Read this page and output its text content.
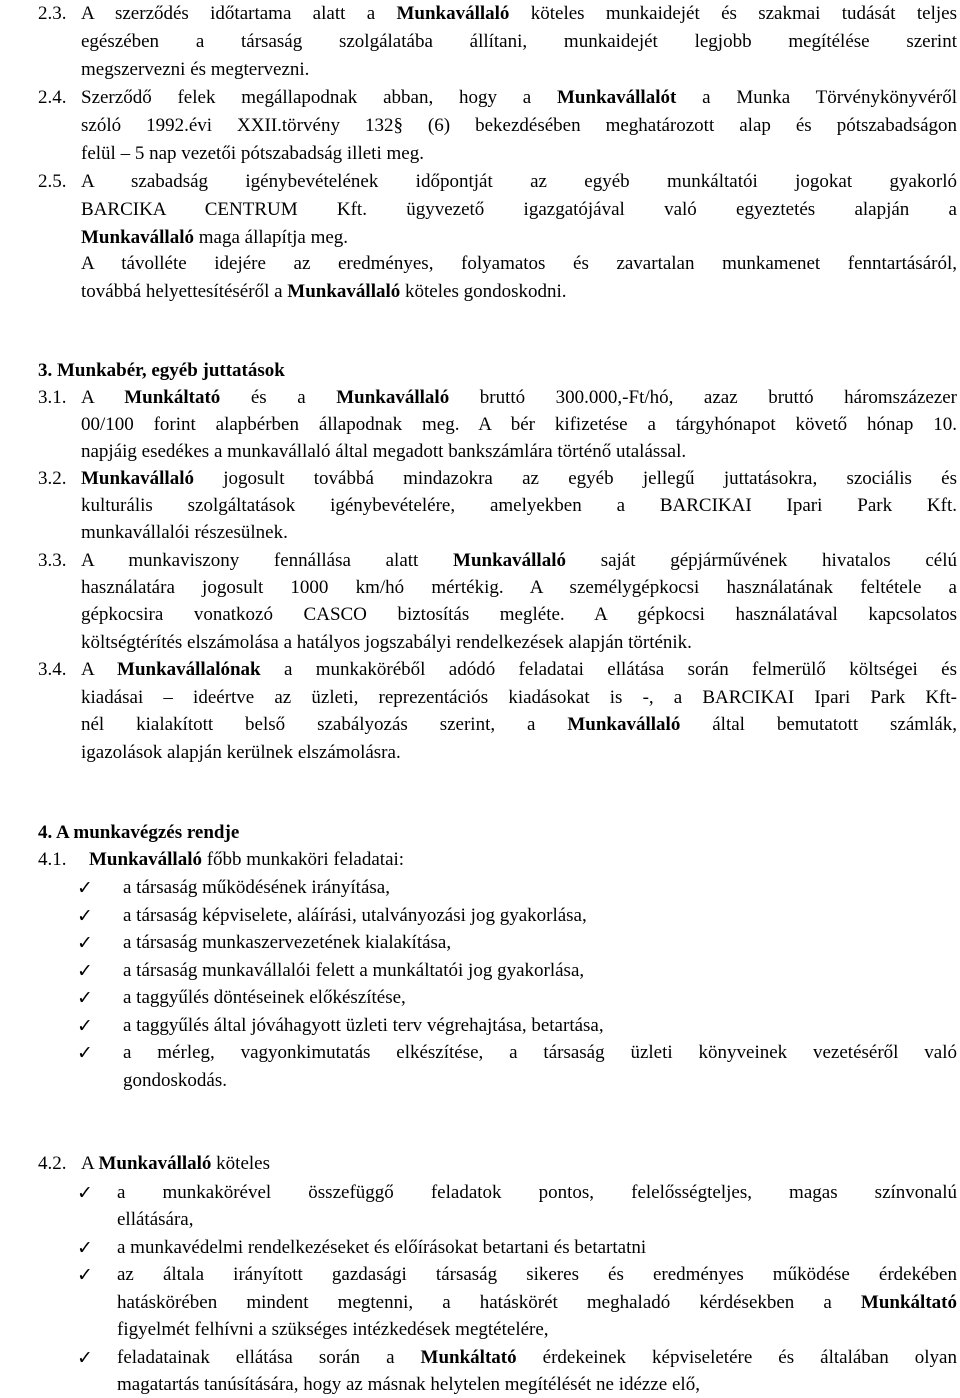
2.3. A szerződés időtartama alatt a Munkavállaló köteles munkaidejét és szakmai tudását teljes
egészében a társaság szolgálatába állítani, munkaidejét legjobb megítélése szerint
megszervezni és megtervezni.
2.4. Szerződő felek megállapodnak abban, hogy a Munkavállalót a Munka Törvénykönyvéről
szóló 1992.évi XXII.törvény 132§ (6) bekezdésében meghatározott alap és pótszabadságon
felül – 5 nap vezetői pótszabadság illeti meg.
2.5. A szabadság igénybevételének időpontját az egyéb munkáltatói jogokat gyakorló
BARCIKA CENTRUM Kft. ügyvezető igazgatójával való egyeztetés alapján a
Munkavállaló maga állapítja meg.
A távolléte idejére az eredményes, folyamatos és zavartalan munkamenet fenntartásáról,
továbbá helyettesítéséről a Munkavállaló köteles gondoskodni.
3. Munkabér, egyéb juttatások
3.1. A Munkáltató és a Munkavállaló bruttó 300.000,-Ft/hó, azaz bruttó háromszázezer
00/100 forint alapbérben állapodnak meg. A bér kifizetése a tárgyhónapot követő hónap 10.
napjáig esedékes a munkavállaló által megadott bankszámlára történő utalással.
3.2. Munkavállaló jogosult továbbá mindazokra az egyéb jellegű juttatásokra, szociális és
kulturális szolgáltatások igénybevételére, amelyekben a BARCIKAI Ipari Park Kft.
munkavállalói részesülnek.
3.3. A munkaviszony fennállása alatt Munkavállaló saját gépjárművének hivatalos célú
használatára jogosult 1000 km/hó mértékig. A személygépkocsi használatának feltétele a
gépkocsira vonatkozó CASCO biztosítás megléte. A gépkocsi használatával kapcsolatos
költségtérítés elszámolása a hatályos jogszabályi rendelkezések alapján történik.
3.4. A Munkavállalónak a munkaköréből adódó feladatai ellátása során felmerülő költségei és
kiadásai – ideértve az üzleti, reprezentációs kiadásokat is -, a BARCIKAI Ipari Park Kft-
nél kialakított belső szabályozás szerint, a Munkavállaló által bemutatott számlák,
igazolások alapján kerülnek elszámolásra.
4. A munkavégzés rendje
4.1. Munkavállaló főbb munkaköri feladatai:
✓	a társaság működésének irányítása,
✓	a társaság képviselete, aláírási, utalványozási jog gyakorlása,
✓	a társaság munkaszervezetének kialakítása,
✓	a társaság munkavállalói felett a munkáltatói jog gyakorlása,
✓	a taggyűlés döntéseinek előkészítése,
✓	a taggyűlés által jóváhagyott üzleti terv végrehajtása, betartása,
✓	a mérleg, vagyonkimutatás elkészítése, a társaság üzleti könyveinek vezetéséről való
gondoskodás.
4.2. A Munkavállaló köteles
✓	a munkakörével összefüggő feladatok pontos, felelősségteljes, magas színvonalú
ellátására,
✓	a munkavédelmi rendelkezéseket és előírásokat betartani és betartatni
✓	az általa irányított gazdasági társaság sikeres és eredményes működése érdekében
hatáskörében mindent megtenni, a hatáskörét meghaladó kérdésekben a Munkáltató
figyelmét felhívni a szükséges intézkedések megtételére,
✓	feladatainak ellátása során a Munkáltató érdekeinek képviseletére és általában olyan
magatartás tanúsítására, hogy az másnak helytelen megítélését ne idézze elő,
